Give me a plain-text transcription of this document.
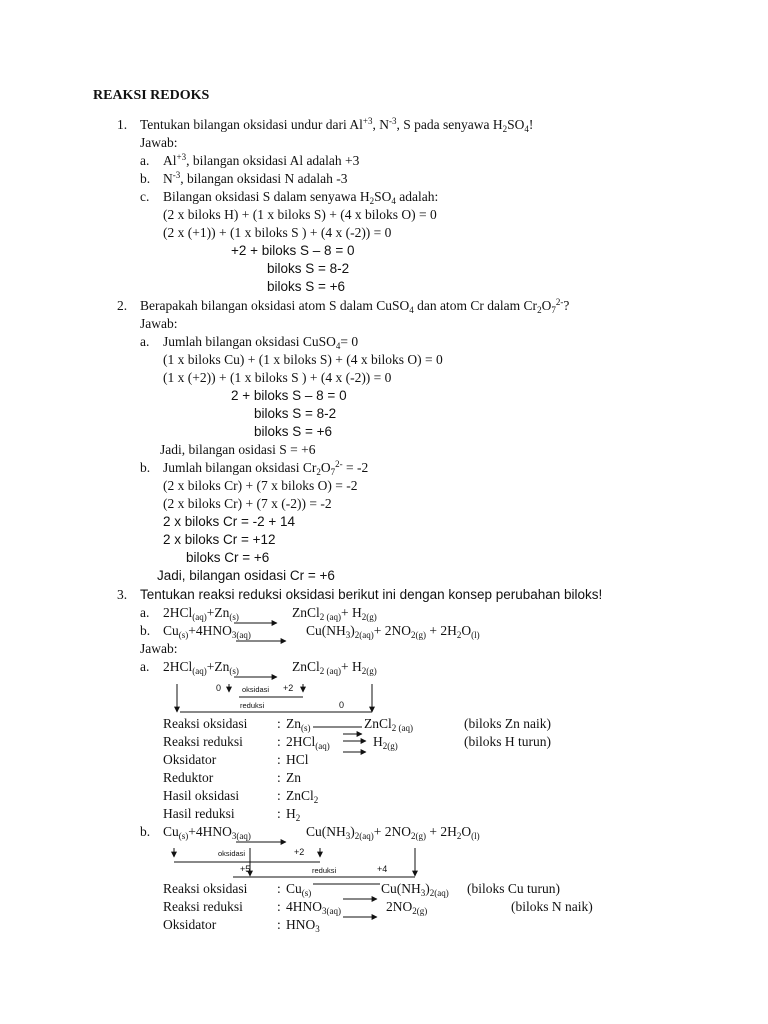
REAKSI REDOKS
1. Tentukan bilangan oksidasi undur dari $Al^{+3}$, $N^{-3}$, S pada senyawa $H_2SO_4$!
Jawab:
a. $Al^{+3}$, bilangan oksidasi Al adalah +3
b. $N^{-3}$, bilangan oksidasi N adalah -3
c. Bilangan oksidasi S dalam senyawa $H_2SO_4$ adalah:
(2 x biloks H) + (1 x biloks S) + (4 x biloks O) = 0
(2 x (+1)) + (1 x biloks S ) + (4 x (-2)) = 0
+2 + biloks S – 8 = 0
biloks S = 8-2
biloks S = +6
2. Berapakah bilangan oksidasi atom S dalam CuSO$_4$ dan atom Cr dalam $Cr_2O_7^{2-}$?
Jawab:
a. Jumlah bilangan oksidasi CuSO$_4$= 0
(1 x biloks Cu) + (1 x biloks S) + (4 x biloks O) = 0
(1 x (+2)) + (1 x biloks S ) + (4 x (-2)) = 0
2 + biloks S – 8 = 0
biloks S = 8-2
biloks S = +6
Jadi, bilangan osidasi S = +6
b. Jumlah bilangan oksidasi $Cr_2O_7^{2-} = -2$
(2 x biloks Cr) + (7 x biloks O) = -2
(2 x biloks Cr) + (7 x (-2)) = -2
2 x biloks Cr = -2 + 14
2 x biloks Cr = +12
biloks Cr = +6
Jadi, bilangan osidasi Cr = +6
3. Tentukan reaksi reduksi oksidasi berikut ini dengan konsep perubahan biloks!
a. $2HCl_{(aq)}+Zn_{(s)}$	ZnCl$_{2 (aq)}$+ $H_{2(g)}$
b. $Cu_{(s)}+4HNO_{3(aq)}$	$Cu(NH_3)_{2(aq)}+ 2NO_{2(g)} + 2H_2O_{(l)}$
Jawab:
a. $2HCl_{(aq)}+Zn_{(s)}$	ZnCl$_{2 (aq)}$+ $H_{2(g)}$
0	oksidasi +2
reduksi	0
Reaksi oksidasi : $Zn_{(s)}$	ZnCl$_{2 (aq)}$	(biloks Zn naik)
Reaksi reduksi	: 2HCl$_{(aq)}$	$H_{2(g)}$	(biloks H turun)
Oksidator	: HCl
Reduktor	: Zn
Hasil oksidasi	: ZnCl$_2$
Hasil reduksi	: $H_2$
b. $Cu_{(s)}+4HNO_{3(aq)}$	$Cu(NH_3)_{2(aq)}+ 2NO_{2(g)} + 2H_2O_{(l)}$
oksidasi	+2
+5	reduksi	+4
Reaksi oksidasi : $Cu_{(s)}$	$Cu(NH_3)_{2(aq)}$ (biloks Cu turun)
Reaksi reduksi	: $4HNO_{3(aq)}$	$2NO_{2(g)}$	(biloks N naik)
Oksidator	: $HNO_3$
